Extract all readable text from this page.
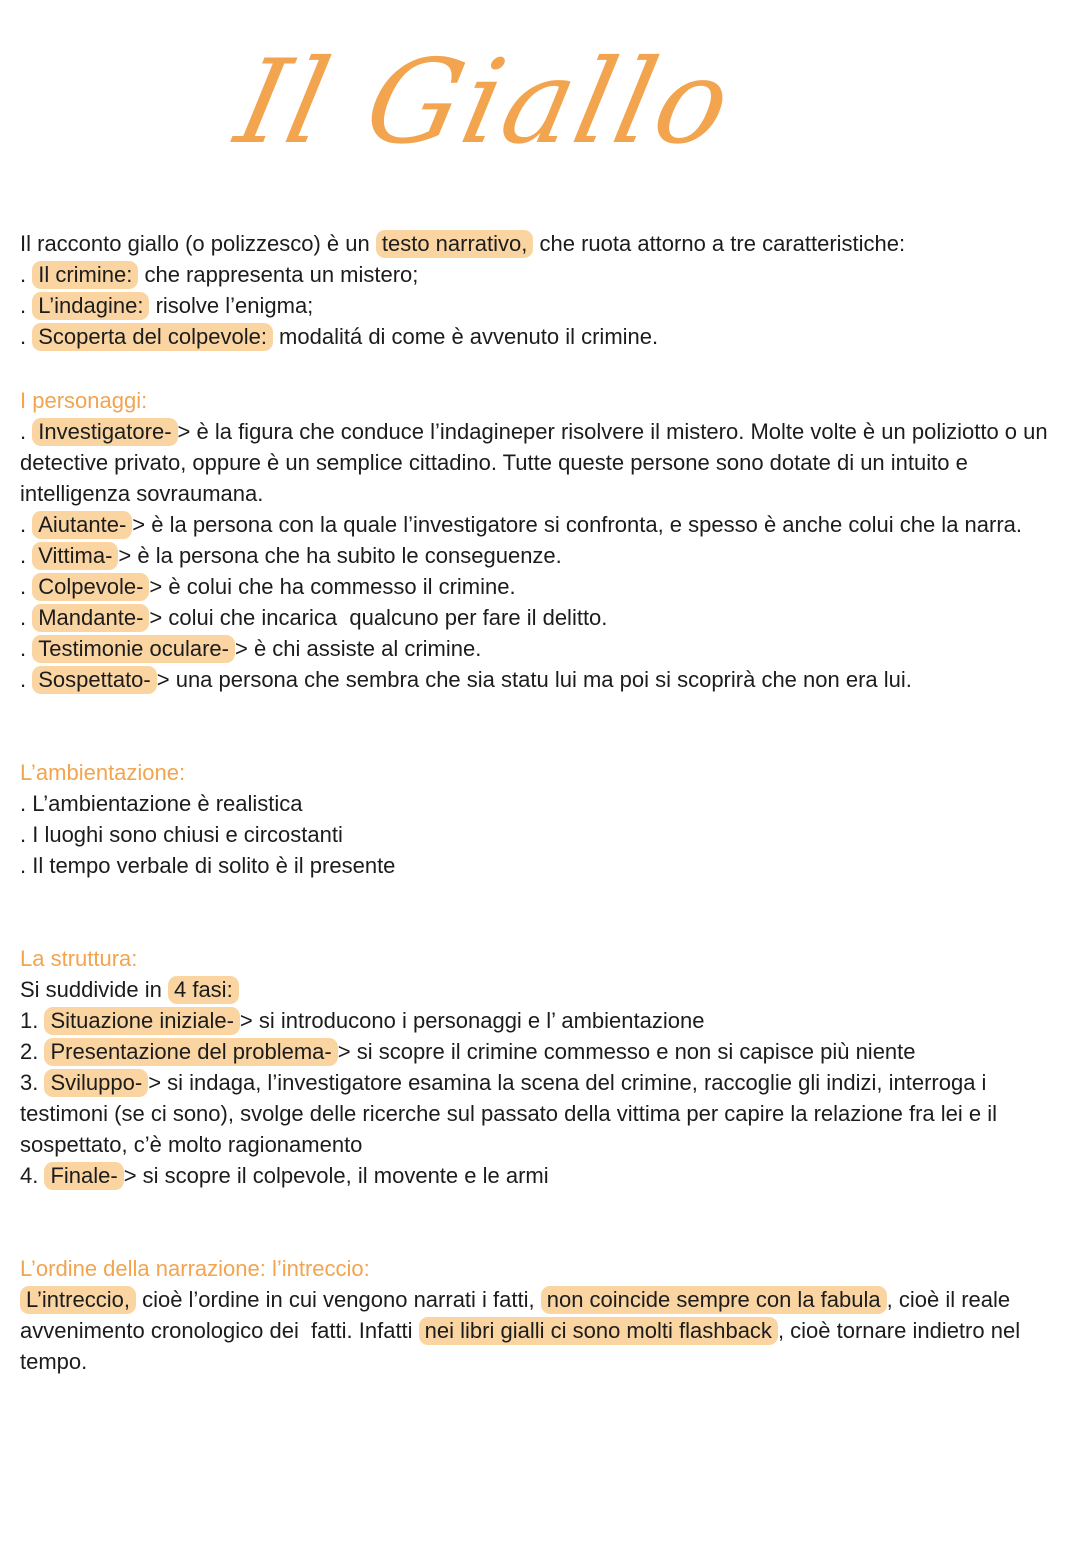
Il Giallo

Il racconto giallo (o polizzesco) è un testo narrativo, che ruota attorno a tre caratteristiche:

. Il crimine: che rappresenta un mistero;

. L’indagine: risolve l’enigma;

. Scoperta del colpevole: modalitá di come è avvenuto il crimine.

I personaggi:

. Investigatore- > è la figura che conduce l’indagineper risolvere il mistero. Molte volte è un poliziotto o un detective privato, oppure è un semplice cittadino. Tutte queste persone sono dotate di un intuito e intelligenza sovraumana.

. Aiutante- > è la persona con la quale l’investigatore si confronta, e spesso è anche colui che la narra.

. Vittima- > è la persona che ha subito le conseguenze.

. Colpevole- > è colui che ha commesso il crimine.

. Mandante- > colui che incarica  qualcuno per fare il delitto.

. Testimonie oculare- > è chi assiste al crimine.

. Sospettato- > una persona che sembra che sia statu lui ma poi si scoprirà che non era lui.

L’ambientazione:

. L’ambientazione è realistica

. I luoghi sono chiusi e circostanti

. Il tempo verbale di solito è il presente

La struttura:

Si suddivide in 4 fasi:

1. Situazione iniziale- > si introducono i personaggi e l’ ambientazione

2. Presentazione del problema- > si scopre il crimine commesso e non si capisce più niente

3. Sviluppo- > si indaga, l’investigatore esamina la scena del crimine, raccoglie gli indizi, interroga i testimoni (se ci sono), svolge delle ricerche sul passato della vittima per capire la relazione fra lei e il sospettato, c’è molto ragionamento

4. Finale- > si scopre il colpevole, il movente e le armi

L’ordine della narrazione: l’intreccio:

L’intreccio, cioè l’ordine in cui vengono narrati i fatti, non coincide sempre con la fabula , cioè il reale avvenimento cronologico dei  fatti. Infatti nei libri gialli ci sono molti flashback , cioè tornare indietro nel tempo.
